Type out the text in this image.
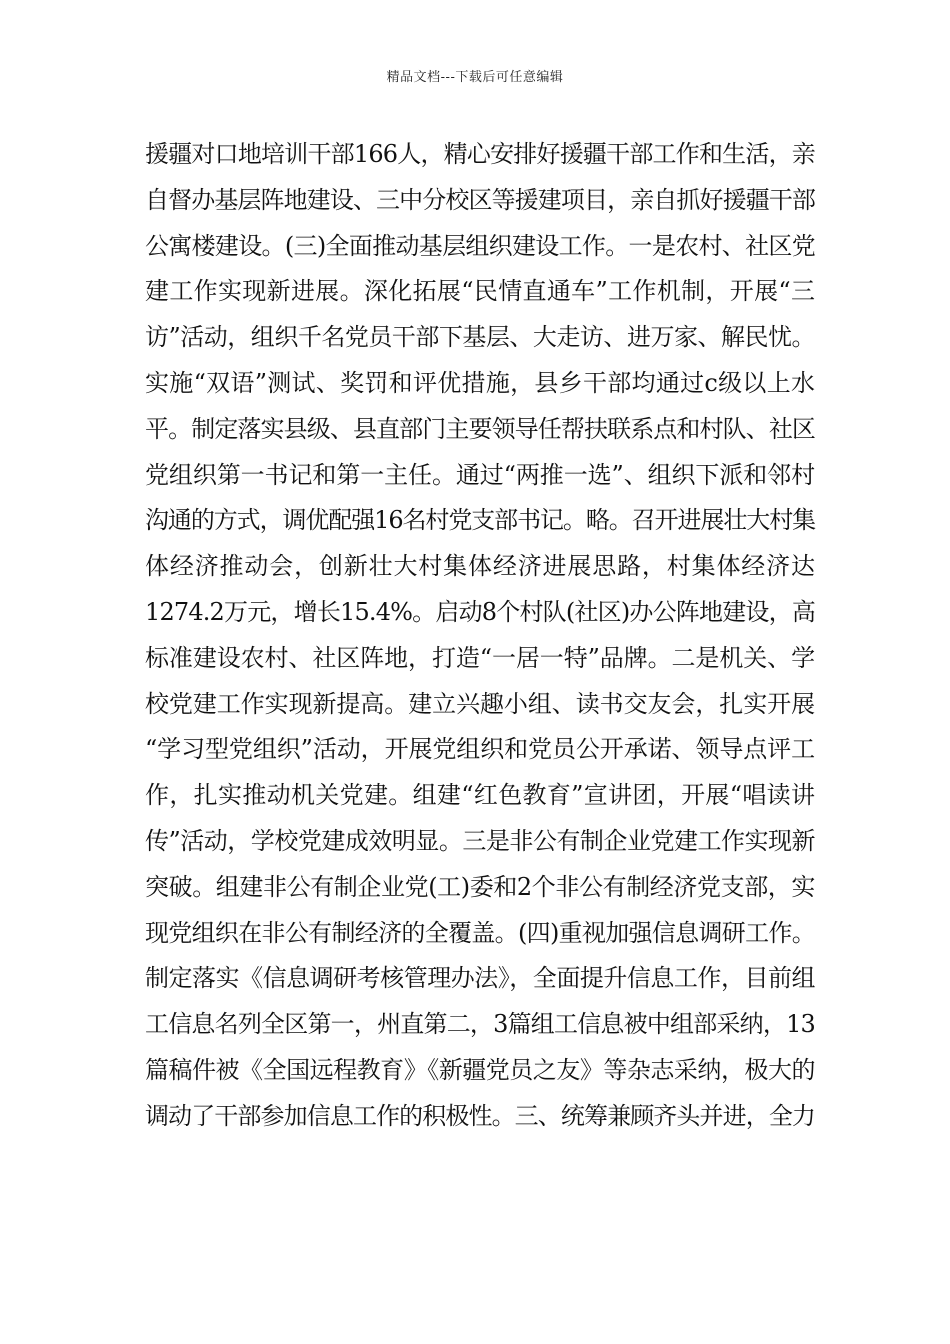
精品文档---下载后可任意编辑
援疆对口地培训干部166人，精心安排好援疆干部工作和生活，亲
自督办基层阵地建设、三中分校区等援建项目，亲自抓好援疆干部
公寓楼建设。(三)全面推动基层组织建设工作。一是农村、社区党
建工作实现新进展。深化拓展“民情直通车”工作机制，开展“三
访”活动，组织千名党员干部下基层、大走访、进万家、解民忧。
实施“双语”测试、奖罚和评优措施，县乡干部均通过c级以上水
平。制定落实县级、县直部门主要领导任帮扶联系点和村队、社区
党组织第一书记和第一主任。通过“两推一选”、组织下派和邻村
沟通的方式，调优配强16名村党支部书记。略。召开进展壮大村集
体经济推动会，创新壮大村集体经济进展思路，村集体经济达
1274.2万元，增长15.4%。启动8个村队(社区)办公阵地建设，高
标准建设农村、社区阵地，打造“一居一特”品牌。二是机关、学
校党建工作实现新提高。建立兴趣小组、读书交友会，扎实开展
“学习型党组织”活动，开展党组织和党员公开承诺、领导点评工
作，扎实推动机关党建。组建“红色教育”宣讲团，开展“唱读讲
传”活动，学校党建成效明显。三是非公有制企业党建工作实现新
突破。组建非公有制企业党(工)委和2个非公有制经济党支部，实
现党组织在非公有制经济的全覆盖。(四)重视加强信息调研工作。
制定落实《信息调研考核管理办法》，全面提升信息工作，目前组
工信息名列全区第一，州直第二，3篇组工信息被中组部采纳，13
篇稿件被《全国远程教育》《新疆党员之友》等杂志采纳，极大的
调动了干部参加信息工作的积极性。三、统筹兼顾齐头并进，全力
